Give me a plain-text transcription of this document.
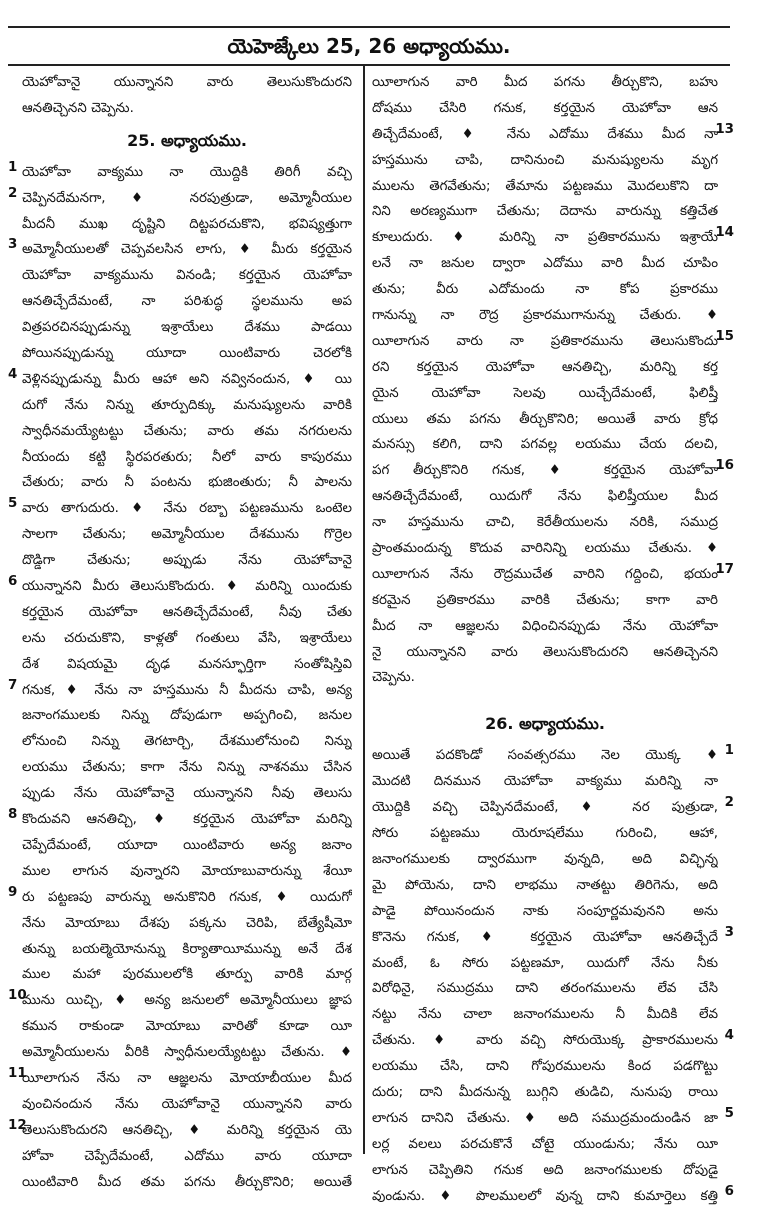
యెహెజ్కేలు 25, 26 అధ్యాయము.
యెహోవానై యున్నానని వారు తెలుసుకొందురని
ఆనతిచ్చెనని చెప్పెను.
25. అధ్యాయము.
యెహోవా వాక్యము నా యొద్దికి తిరిగీ వచ్చి
1
చెప్పినదేమనగా, ♦ నరపుత్రుడా, అమ్మోనీయుల
2
మీదనీ ముఖ దృష్టిని దిట్టపరచుకొని, భవిష్యత్తుగా
అమ్మోనీయులతో చెప్పవలసిన లాగు, ♦ మీరు కర్తయైన
3
యెహోవా వాక్యమును వినండి; కర్తయైన యెహోవా
ఆనతిచ్చేదేమంటే, నా పరిశుద్ధ స్థలమును అప
విత్రపరచినప్పుడున్ను ఇశ్రాయేలు దేశము పాడయి
పోయినప్పుడున్ను యూదా యింటివారు చెరలోకి
వెళ్లినప్పుడున్ను మీరు ఆహా అని నవ్వినందున, ♦ యి
4
దుగో నేను నిన్ను తూర్పుదిక్కు మనుష్యులను వారికి
స్వాధీనమయ్యేటట్టు చేతును; వారు తమ నగరులను
నీయందు కట్టి స్థిరపరతురు; నీలో వారు కాపురము
చేతురు; వారు నీ పంటను భుజింతురు; నీ పాలను
వారు తాగుదురు. ♦ నేను రబ్బా పట్టణమును ఒంటెల
5
సాలగా చేతును; అమ్మోనీయుల దేశమును గొర్రెల
దొడ్డిగా చేతును; అప్పుడు నేను యెహోవానై
యున్నానని మీరు తెలుసుకొందురు. ♦ మరిన్ని యిందుకు
6
కర్తయైన యెహోవా ఆనతిచ్చేదేమంటే, నీవు చేతు
లను చరుచుకొని, కాళ్లతో గంతులు వేసి, ఇశ్రాయేలు
దేశ విషయమై దృఢ మనస్ఫూర్తిగా సంతోషిస్తివి
గనుక, ♦ నేను నా హస్తమును నీ మీదను చాపి, అన్య
7
జనాంగములకు నిన్ను దోపుడుగా అప్పగించి, జనుల
లోనుంచి నిన్ను తెగటార్చి, దేశములోనుంచి నిన్ను
లయము చేతును; కాగా నేను నిన్ను నాశనము చేసిన
ప్పుడు నేను యెహోవానై యున్నానని నీవు తెలుసు
కొందువని ఆనతిచ్చి, ♦ కర్తయైన యెహోవా మరిన్ని
8
చెప్పేదేమంటే, యూదా యింటివారు అన్య జనాం
ముల లాగున వున్నారని మోయాబువారున్ను శేయీ
రు పట్టణపు వారున్ను అనుకొనిరి గనుక, ♦ యిదుగో
9
నేను మోయాబు దేశపు పక్కను చెరిపి, బేత్యేషీమో
తున్ను బయల్మెయోనున్ను కిర్యాతాయీమున్ను అనే దేశ
ముల మహా పురములలోకి తూర్పు వారికి మార్గ
మును యిచ్చి, ♦ అన్య జనులలో అమ్మోనీయులు జ్ఞాప
10
కమున రాకుండా మోయాబు వారితో కూడా యీ
అమ్మోనీయులను వీరికి స్వాధీనులయ్యేటట్టు చేతును. ♦
యీలాగున నేను నా ఆజ్ఞలను మోయాబీయుల మీద
11
వుంచినందున నేను యెహోవానై యున్నానని వారు
తెలుసుకొందురని ఆనతిచ్చి, ♦ మరిన్ని కర్తయైన యె
12
హోవా చెప్పేదేమంటే, ఎదోము వారు యూదా
యింటివారి మీద తమ పగను తీర్చుకొనిరి; అయితే
యీలాగున వారి మీద పగను తీర్చుకొని, బహు
దోషము చేసిరి గనుక, కర్తయైన యెహోవా ఆన
తిచ్చేదేమంటే, ♦ నేను ఎదోము దేశము మీద నా
13
హస్తమును చాపి, దానినుంచి మనుష్యులను మృగ
ములను తెగవేతును; తేమాను పట్టణము మొదలుకొని దా
నిని అరణ్యముగా చేతును; దెదాను వారున్ను కత్తిచేత
కూలుదురు. ♦ మరిన్ని నా ప్రతికారమును ఇశ్రాయే
14
లనే నా జనుల ద్వారా ఎదోము వారి మీద చూపిం
తును; వీరు ఎదోమందు నా కోప ప్రకారము
గానున్ను నా రౌద్ర ప్రకారముగానున్ను చేతురు. ♦
యీలాగున వారు నా ప్రతికారమును తెలుసుకొందు
15
రని కర్తయైన యెహోవా ఆనతిచ్చి, మరిన్ని కర్త
యైన యెహోవా సెలవు యిచ్చేదేమంటే, ఫిలిష్తీ
యులు తమ పగను తీర్చుకొనిరి; అయితే వారు క్రోధ
మనస్సు కలిగి, దాని పగవల్ల లయము చేయ దలచి,
పగ తీర్చుకొనిరి గనుక, ♦ కర్తయైన యెహోవా
16
ఆనతిచ్చేదేమంటే, యిదుగో నేను ఫిలిష్తీయుల మీద
నా హస్తమును చాచి, కెరేతీయులను నరికి, సముద్ర
ప్రాంతమందున్న కొదువ వారినిన్ని లయము చేతును.♦
యీలాగున నేను రౌద్రముచేత వారిని గద్దించి, భయం
17
కరమైన ప్రతికారము వారికి చేతును; కాగా వారి
మీద నా ఆజ్ఞలను విధించినప్పుడు నేను యెహోవా
నై యున్నానని వారు తెలుసుకొందురని ఆనతిచ్చెనని
చెప్పెను.
26. అధ్యాయము.
అయితే పదకొండో సంవత్సరము నెల యొక్క ♦ 1
మొదటి దినమున యెహోవా వాక్యము మరిన్ని నా
యొద్దికి వచ్చి చెప్పినదేమంటే, ♦ నర పుత్రుడా, 2
సోరు పట్టణము యెరూషలేము గురించి, ఆహా,
జనాంగములకు ద్వారముగా వున్నది, అది విచ్ఛిన్న
మై పోయెను, దాని లాభము నాతట్టు తిరిగెను, అది
పాడై పోయినందున నాకు సంపూర్ణమవునని అను
కొనెను గనుక, ♦ కర్తయైన యెహోవా ఆనతిచ్చేదే 3
మంటే, ఓ సోరు పట్టణమా, యిదుగో నేను నీకు
విరోధినై, సముద్రము దాని తరంగములను లేవ చేసి
నట్టు నేను చాలా జనాంగములను నీ మీదికి లేవ
చేతును. ♦ వారు వచ్చి సోరుయొక్క ప్రాకారములను 4
లయము చేసి, దాని గోపురములను కింద పడగొట్టు
దురు; దాని మీదనున్న బుగ్గిని తుడిచి, నునుపు రాయి
లాగున దానిని చేతును. ♦ అది సముద్రమందుండిన జా 5
లర్ల వలలు పరచుకొనే చోటై యుండును; నేను యీ
లాగున చెప్పితిని గనుక అది జనాంగములకు దోపుడై
వుండును. ♦ పొలములలో వున్న దాని కుమార్తెలు కత్తి 6
